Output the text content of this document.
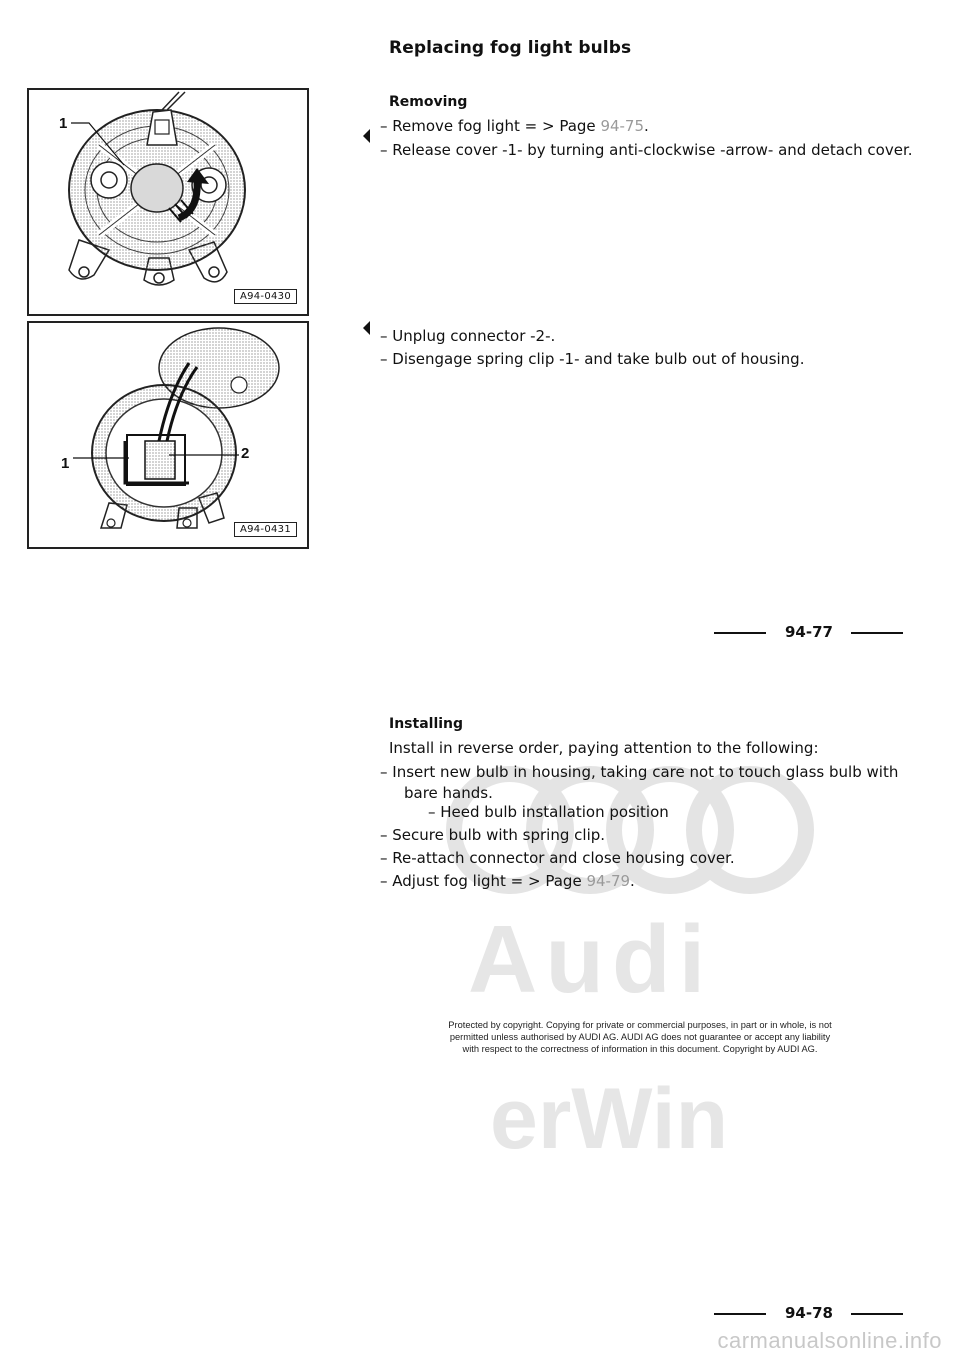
Replacing fog light bulbs
1
A94-0430
1
2
A94-0431
Removing
– Remove fog light = > Page 94-75.
– Release cover -1- by turning anti-clockwise -arrow- and detach cover.
– Unplug connector -2-.
– Disengage spring clip -1- and take bulb out of housing.
94-77
Audi
erWin
Installing
Install in reverse order, paying attention to the following:
– Insert new bulb in housing, taking care not to touch glass bulb with bare hands.
– Heed bulb installation position
– Secure bulb with spring clip.
– Re-attach connector and close housing cover.
– Adjust fog light = > Page 94-79.
Protected by copyright. Copying for private or commercial purposes, in part or in whole, is not
permitted unless authorised by AUDI AG. AUDI AG does not guarantee or accept any liability
with respect to the correctness of information in this document. Copyright by AUDI AG.
94-78
carmanualsonline.info
